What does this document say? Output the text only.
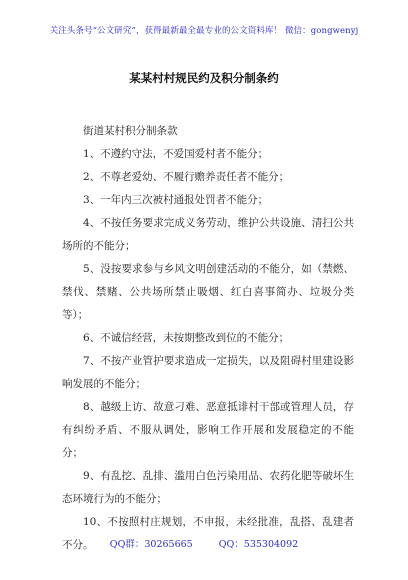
关注头条号“公文研究”，获得最新最全最专业的公文资料库！ 微信：gongwenyj
某某村村规民约及积分制条约
街道某村积分制条款
1、不遵约守法，不爱国爱村者不能分；
2、不尊老爱幼、不履行赡养责任者不能分；
3、一年内三次被村通报处罚者不能分；
4、不按任务要求完成义务劳动，维护公共设施、清扫公共场所的不能分；
5、没按要求参与乡风文明创建活动的不能分，如（禁燃、禁伐、禁赌、公共场所禁止吸烟、红白喜事简办、垃圾分类等）；
6、不诚信经营，未按期整改到位的不能分；
7、不按产业管护要求造成一定损失，以及阻碍村里建设影响发展的不能分；
8、越级上访、故意刁难、恶意抵诽村干部或管理人员，存有纠纷矛盾、不服从调处，影响工作开展和发展稳定的不能分；
9、有乱挖、乱排、滥用白色污染用品、农药化肥等破坏生态环境行为的不能分；
10、不按照村庄规划，不申报，未经批准，乱搭、乱建者不分。	QQ群：30265665	QQ：535304092
